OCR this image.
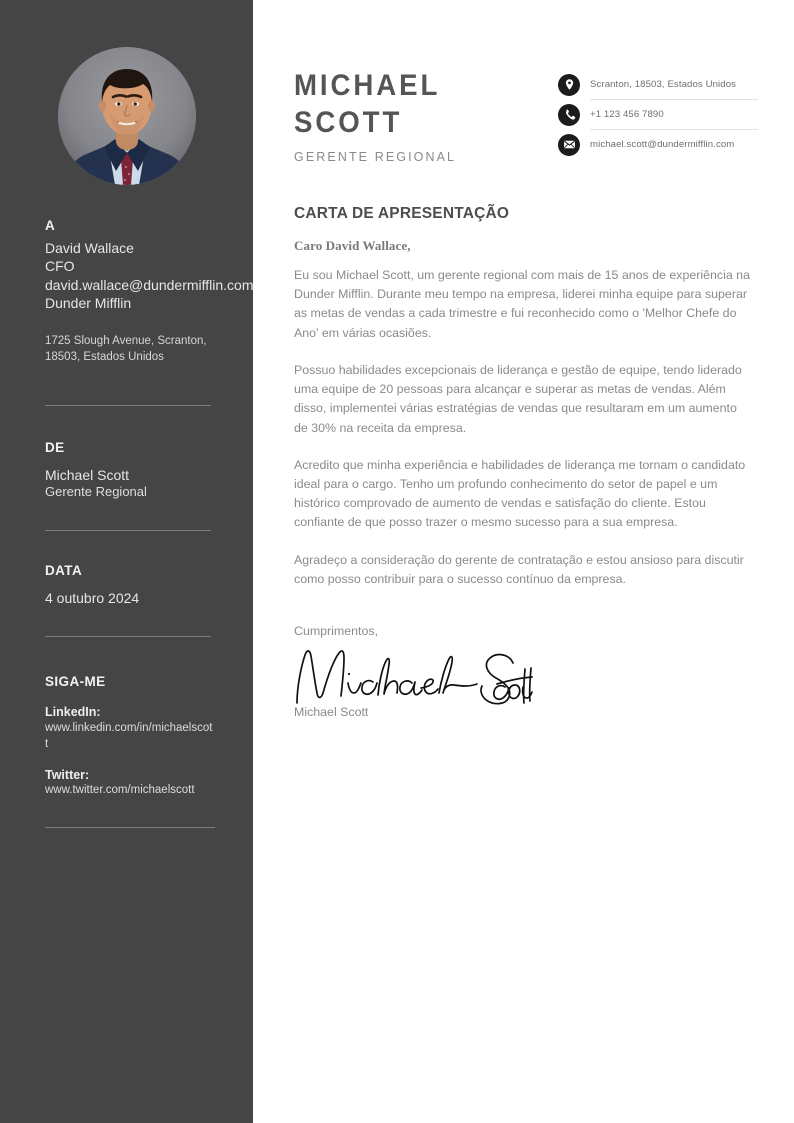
A
David Wallace
CFO
david.wallace@dundermifflin.com
Dunder Mifflin
1725 Slough Avenue, Scranton, 18503, Estados Unidos
DE
Michael Scott
Gerente Regional
DATA
4 outubro 2024
SIGA-ME
LinkedIn:
www.linkedin.com/in/michaelscott
Twitter:
www.twitter.com/michaelscott
MICHAEL
SCOTT
GERENTE REGIONAL
Scranton, 18503, Estados Unidos
+1 123 456 7890
michael.scott@dundermifflin.com
CARTA DE APRESENTAÇÃO
Caro David Wallace,

Eu sou Michael Scott, um gerente regional com mais de 15 anos de experiência na Dunder Mifflin. Durante meu tempo na empresa, liderei minha equipe para superar as metas de vendas a cada trimestre e fui reconhecido como o 'Melhor Chefe do Ano' em várias ocasiões.

Possuo habilidades excepcionais de liderança e gestão de equipe, tendo liderado uma equipe de 20 pessoas para alcançar e superar as metas de vendas. Além disso, implementei várias estratégias de vendas que resultaram em um aumento de 30% na receita da empresa.

Acredito que minha experiência e habilidades de liderança me tornam o candidato ideal para o cargo. Tenho um profundo conhecimento do setor de papel e um histórico comprovado de aumento de vendas e satisfação do cliente. Estou confiante de que posso trazer o mesmo sucesso para a sua empresa.

Agradeço a consideração do gerente de contratação e estou ansioso para discutir como posso contribuir para o sucesso contínuo da empresa.

Cumprimentos,
Michael Scott
